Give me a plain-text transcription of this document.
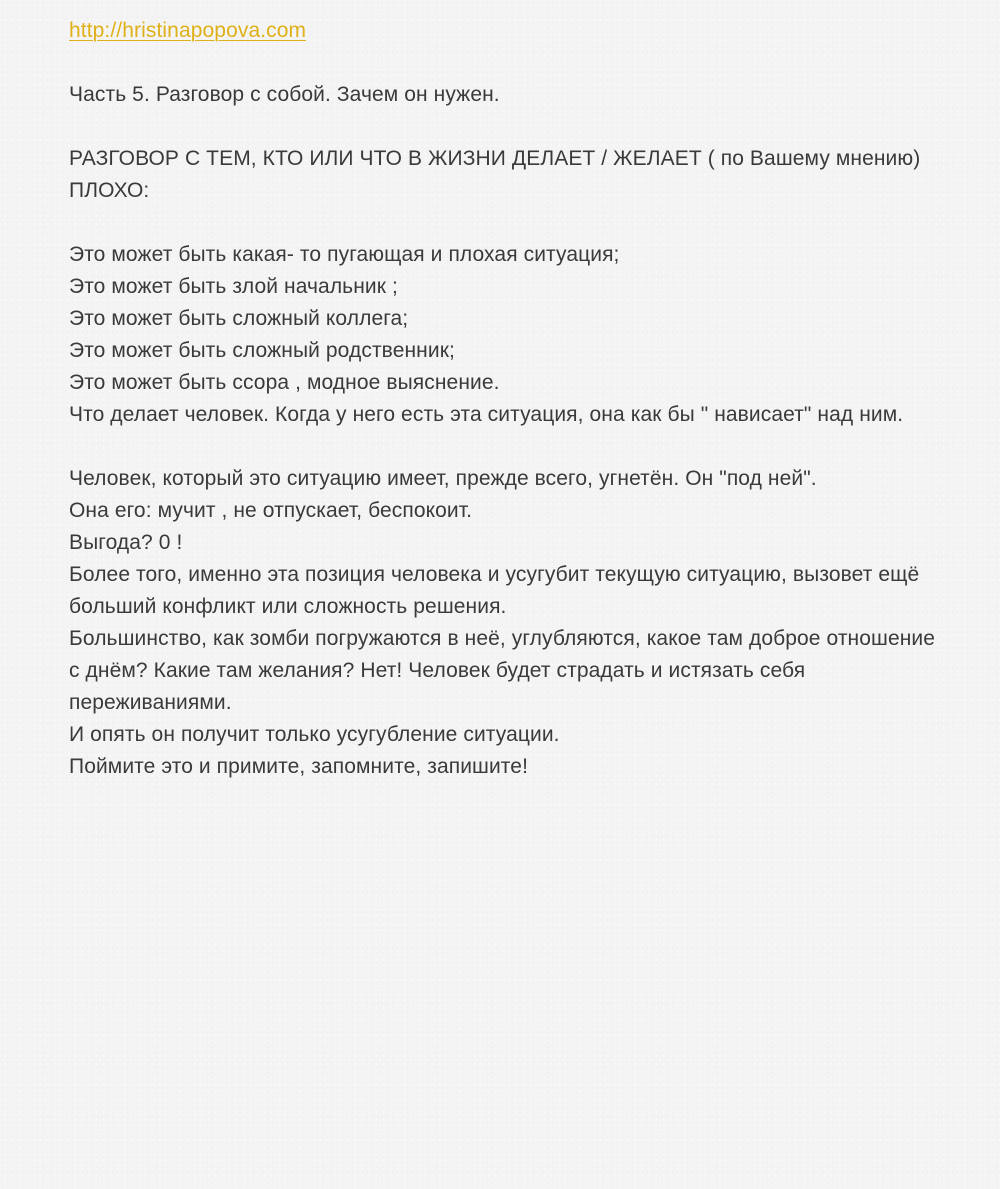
http://hristinapopova.com
Часть 5. Разговор с собой. Зачем он нужен.
РАЗГОВОР С ТЕМ, КТО ИЛИ ЧТО В ЖИЗНИ ДЕЛАЕТ / ЖЕЛАЕТ ( по Вашему мнению) ПЛОХО:
Это может быть какая- то пугающая и плохая ситуация;
Это может быть злой начальник ;
Это может быть сложный коллега;
Это может быть сложный родственник;
Это может быть ссора , модное выяснение.
Что делает человек. Когда у него есть эта ситуация, она как бы " нависает" над ним.
Человек, который это ситуацию имеет, прежде всего, угнетён. Он "под ней".
Она его: мучит , не отпускает, беспокоит.
Выгода? 0 !
Более того, именно эта позиция человека и усугубит текущую ситуацию, вызовет ещё больший конфликт или сложность решения.
Большинство, как зомби погружаются в неё, углубляются, какое там доброе отношение с днём? Какие там желания? Нет! Человек будет страдать и истязать себя переживаниями.
И опять он получит только усугубление ситуации.
Поймите это и примите, запомните, запишите!
